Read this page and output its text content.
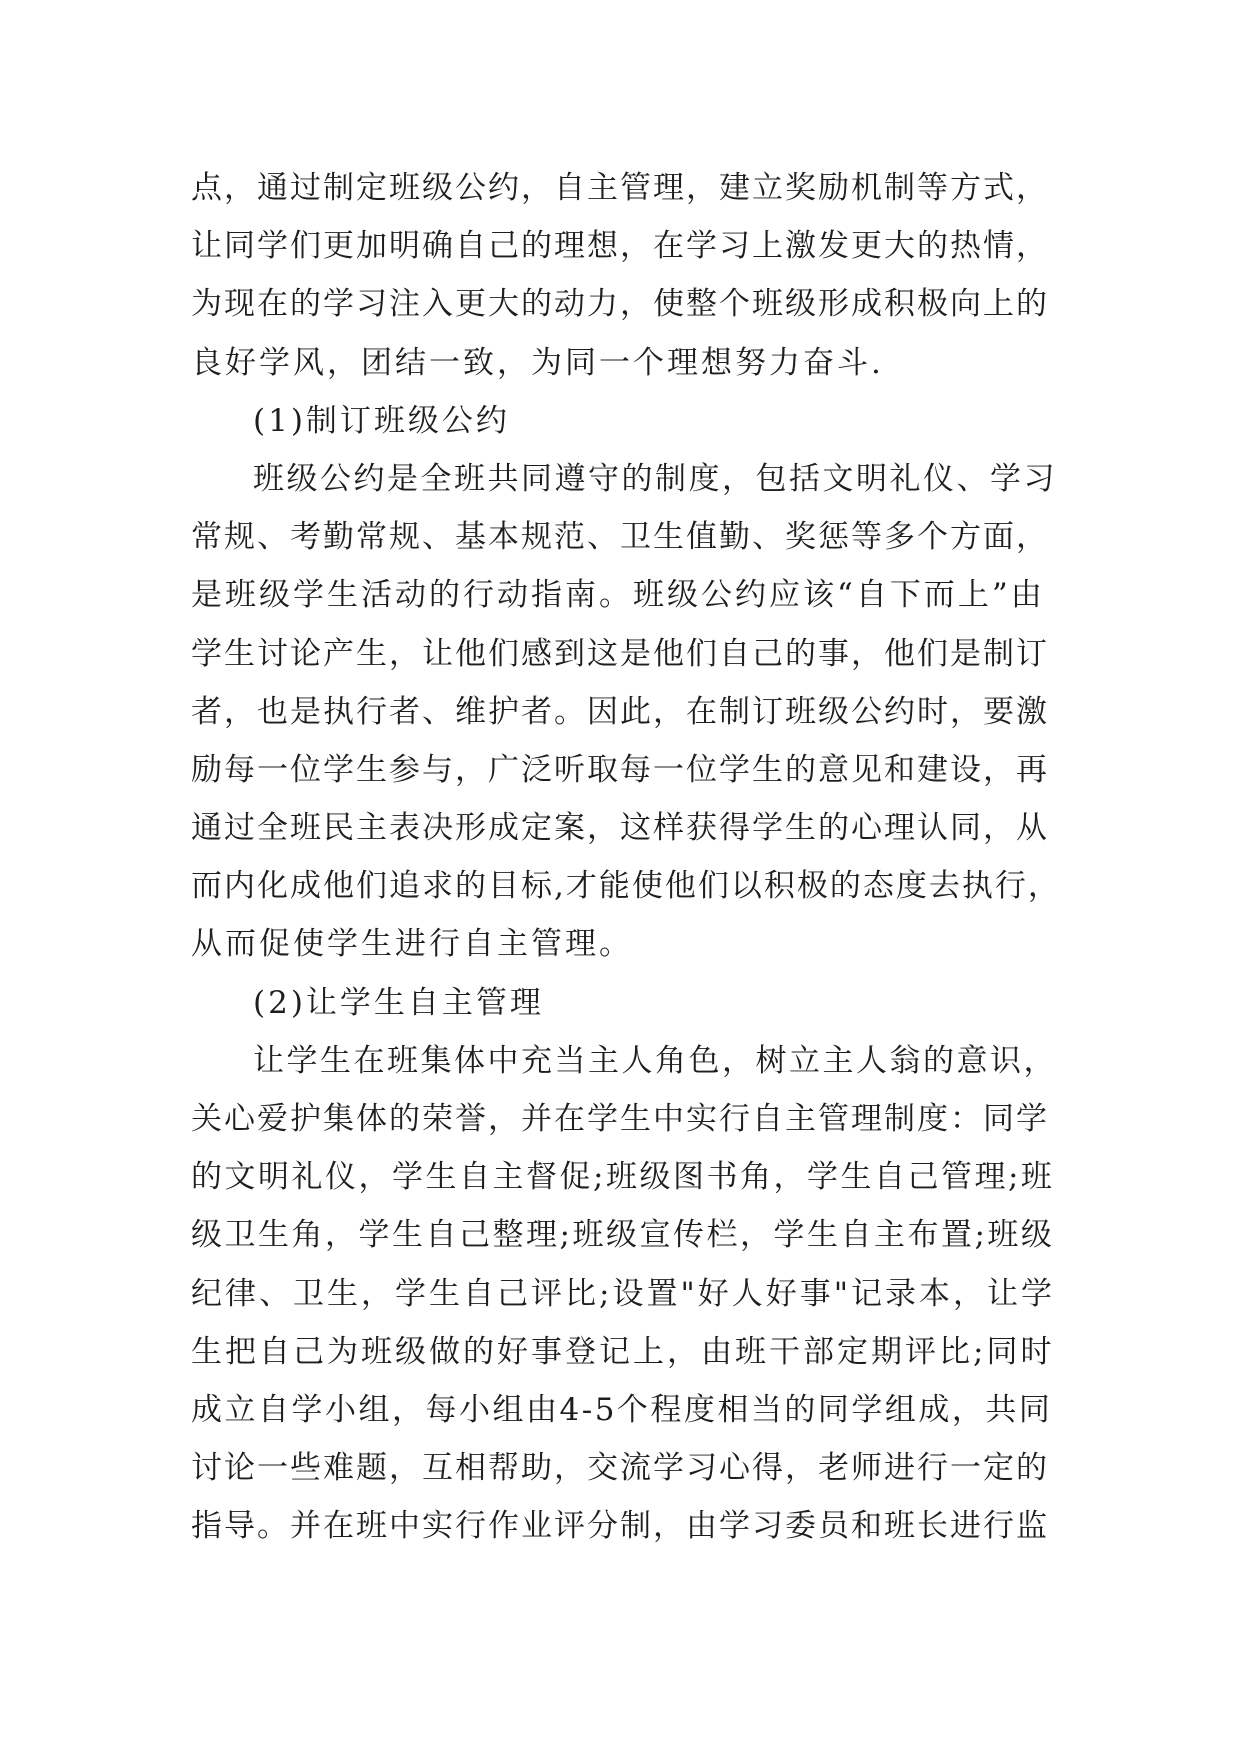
点，通过制定班级公约，自主管理，建立奖励机制等方式，
让同学们更加明确自己的理想，在学习上激发更大的热情，
为现在的学习注入更大的动力，使整个班级形成积极向上的
良好学风，团结一致，为同一个理想努力奋斗.
(1)制订班级公约
班级公约是全班共同遵守的制度，包括文明礼仪、学习
常规、考勤常规、基本规范、卫生值勤、奖惩等多个方面，
是班级学生活动的行动指南。班级公约应该“自下而上”由
学生讨论产生，让他们感到这是他们自己的事，他们是制订
者，也是执行者、维护者。因此，在制订班级公约时，要激
励每一位学生参与，广泛听取每一位学生的意见和建设，再
通过全班民主表决形成定案，这样获得学生的心理认同，从
而内化成他们追求的目标,才能使他们以积极的态度去执行，
从而促使学生进行自主管理。
(2)让学生自主管理
让学生在班集体中充当主人角色，树立主人翁的意识，
关心爱护集体的荣誉，并在学生中实行自主管理制度：同学
的文明礼仪，学生自主督促;班级图书角，学生自己管理;班
级卫生角，学生自己整理;班级宣传栏，学生自主布置;班级
纪律、卫生，学生自己评比;设置"好人好事"记录本，让学
生把自己为班级做的好事登记上，由班干部定期评比;同时
成立自学小组，每小组由4-5个程度相当的同学组成，共同
讨论一些难题，互相帮助，交流学习心得，老师进行一定的
指导。并在班中实行作业评分制，由学习委员和班长进行监
